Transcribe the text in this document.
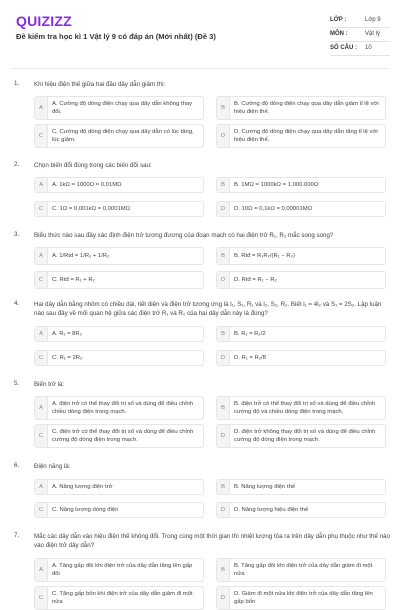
QUIZIZZ
Đề kiểm tra học kì 1 Vật lý 9 có đáp án (Mới nhất) (Đề 3)
LỚP :	Lớp 9
MÔN :	Vật lý
SỐ CÂU : 10
1. Khi hiệu điện thế giữa hai đầu dây dẫn giảm thì:
A
A. Cường độ dòng điện chạy qua dây dẫn không thay đổi.
B
B. Cường độ dòng điện chạy qua dây dẫn giảm tỉ lệ với hiệu điện thế.
C
C. Cường độ dòng điện chạy qua dây dẫn có lúc tăng, lúc giảm.
D
D. Cường độ dòng điện chạy qua dây dẫn tăng tỉ lệ với hiệu điện thế.
2. Chọn biến đổi đúng trong các biến đổi sau:
A	A. 1kΩ = 1000Ω = 0,01MΩ	B	B. 1MΩ = 1000kΩ = 1.000.000Ω
C	C. 1Ω = 0,001kΩ = 0,0001MΩ	D	D. 10Ω = 0,1kΩ = 0,00001MΩ
3. Biểu thức nào sau đây xác định điện trở tương đương của đoạn mạch có hai điện trở R₁, R₂ mắc song song?
A	A. 1/Rtđ = 1/R₁ + 1/R₂	B	B. Rtđ = R₁R₂/(R₁ − R₂)
C	C. Rtđ = R₁ + R₂	D	D. Rtđ = R₁ − R₂
4. Hai dây dẫn bằng nhôm có chiều dài, tiết diện và điện trở tương ứng là l₁, S₁, R₁ và l₂, S₂, R₂. Biết l₁ = 4l₂ và S₁ = 2S₂. Lập luận nào sau đây về mối quan hệ giữa các điện trở R₁ và R₂ của hai dây dẫn này là đúng?
A	A. R₁ = 8R₂	B	B. R₁ = R₂/2
C	C. R₁ = 2R₂	D	D. R₁ = R₂/8
5. Biến trở là:
A
A. điện trở có thể thay đổi trị số và dùng để điều chỉnh chiều dòng điện trong mạch.
B
B. điện trở có thể thay đổi trị số và dùng để điều chỉnh cường độ và chiều dòng điện trong mạch.
C
C. điện trở có thể thay đổi trị số và dùng để điều chỉnh cường độ dòng điện trong mạch.
D
D. điện trở không thay đổi trị số và dùng để điều chỉnh cường độ dòng điện trong mạch.
6. Điện năng là:
A	A. Năng lượng điện trở	B	B. Năng lượng điện thế
C	C. Năng lượng dòng điện	D	D. Năng lượng hiệu điện thế
7. Mắc các dây dẫn vào hiệu điện thế không đổi. Trong cùng một thời gian thì nhiệt lượng tỏa ra trên dây dẫn phụ thuộc như thế nào vào điện trở dây dẫn?
A
A. Tăng gấp đôi khi điện trở của dây dẫn tăng lên gấp đôi
B
B. Tăng gấp đôi khi điện trở của dây dẫn giảm đi một nửa
C
C. Tăng gấp bốn khi điện trở của dây dẫn giảm đi một nửa
D
D. Giảm đi một nửa khi điện trở của dây dẫn tăng lên gấp bốn
